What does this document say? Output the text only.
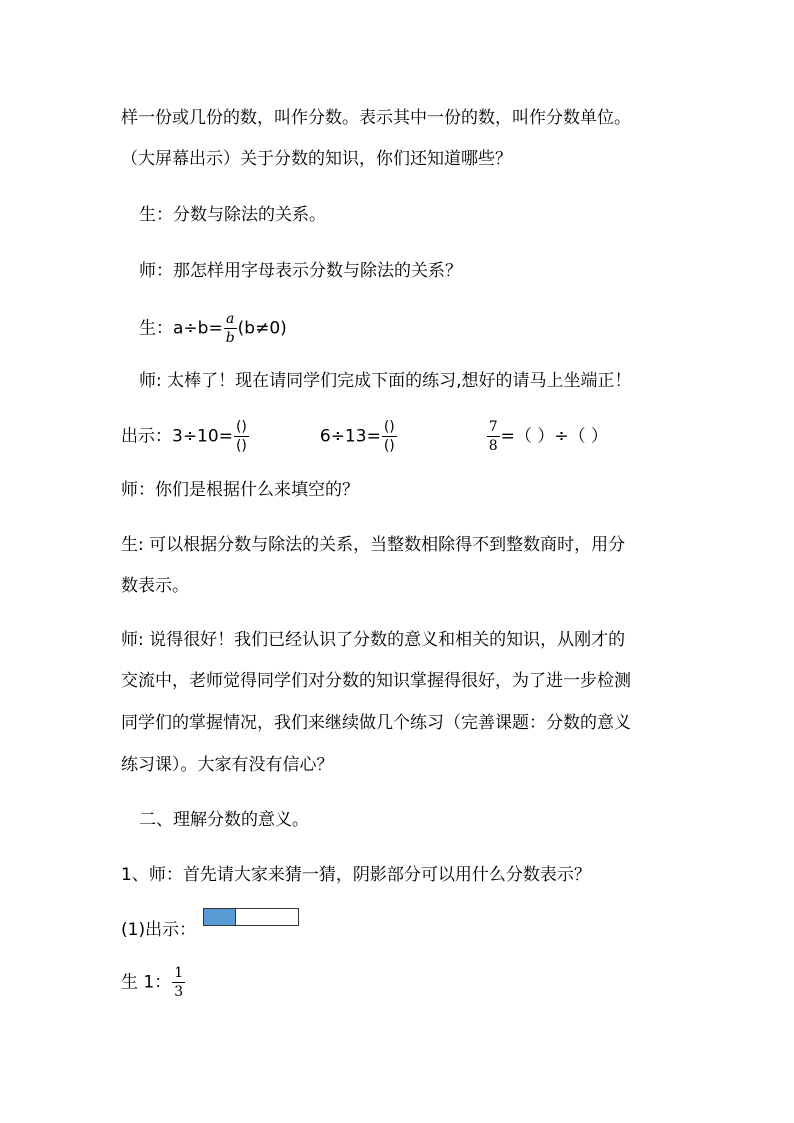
样一份或几份的数，叫作分数。表示其中一份的数，叫作分数单位。
（大屏幕出示）关于分数的知识，你们还知道哪些？
生：分数与除法的关系。
师：那怎样用字母表示分数与除法的关系？
生：$a\div b= \frac{a}{b} (b\ne 0)$
师: 太棒了！现在请同学们完成下面的练习,想好的请马上坐端正！
出示：$3\div 10= \frac{()}{()}$	$6\div 13= \frac{()}{()}$	$\frac{7}{8}$ =（ ）÷（ ）
师：你们是根据什么来填空的？
生: 可以根据分数与除法的关系，当整数相除得不到整数商时，用分
数表示。
师: 说得很好！我们已经认识了分数的意义和相关的知识，从刚才的
交流中，老师觉得同学们对分数的知识掌握得很好，为了进一步检测
同学们的掌握情况，我们来继续做几个练习（完善课题：分数的意义
练习课）。大家有没有信心？
二、理解分数的意义。
1、师：首先请大家来猜一猜，阴影部分可以用什么分数表示？
(1)出示：
生 1： $\frac{1}{3}$
